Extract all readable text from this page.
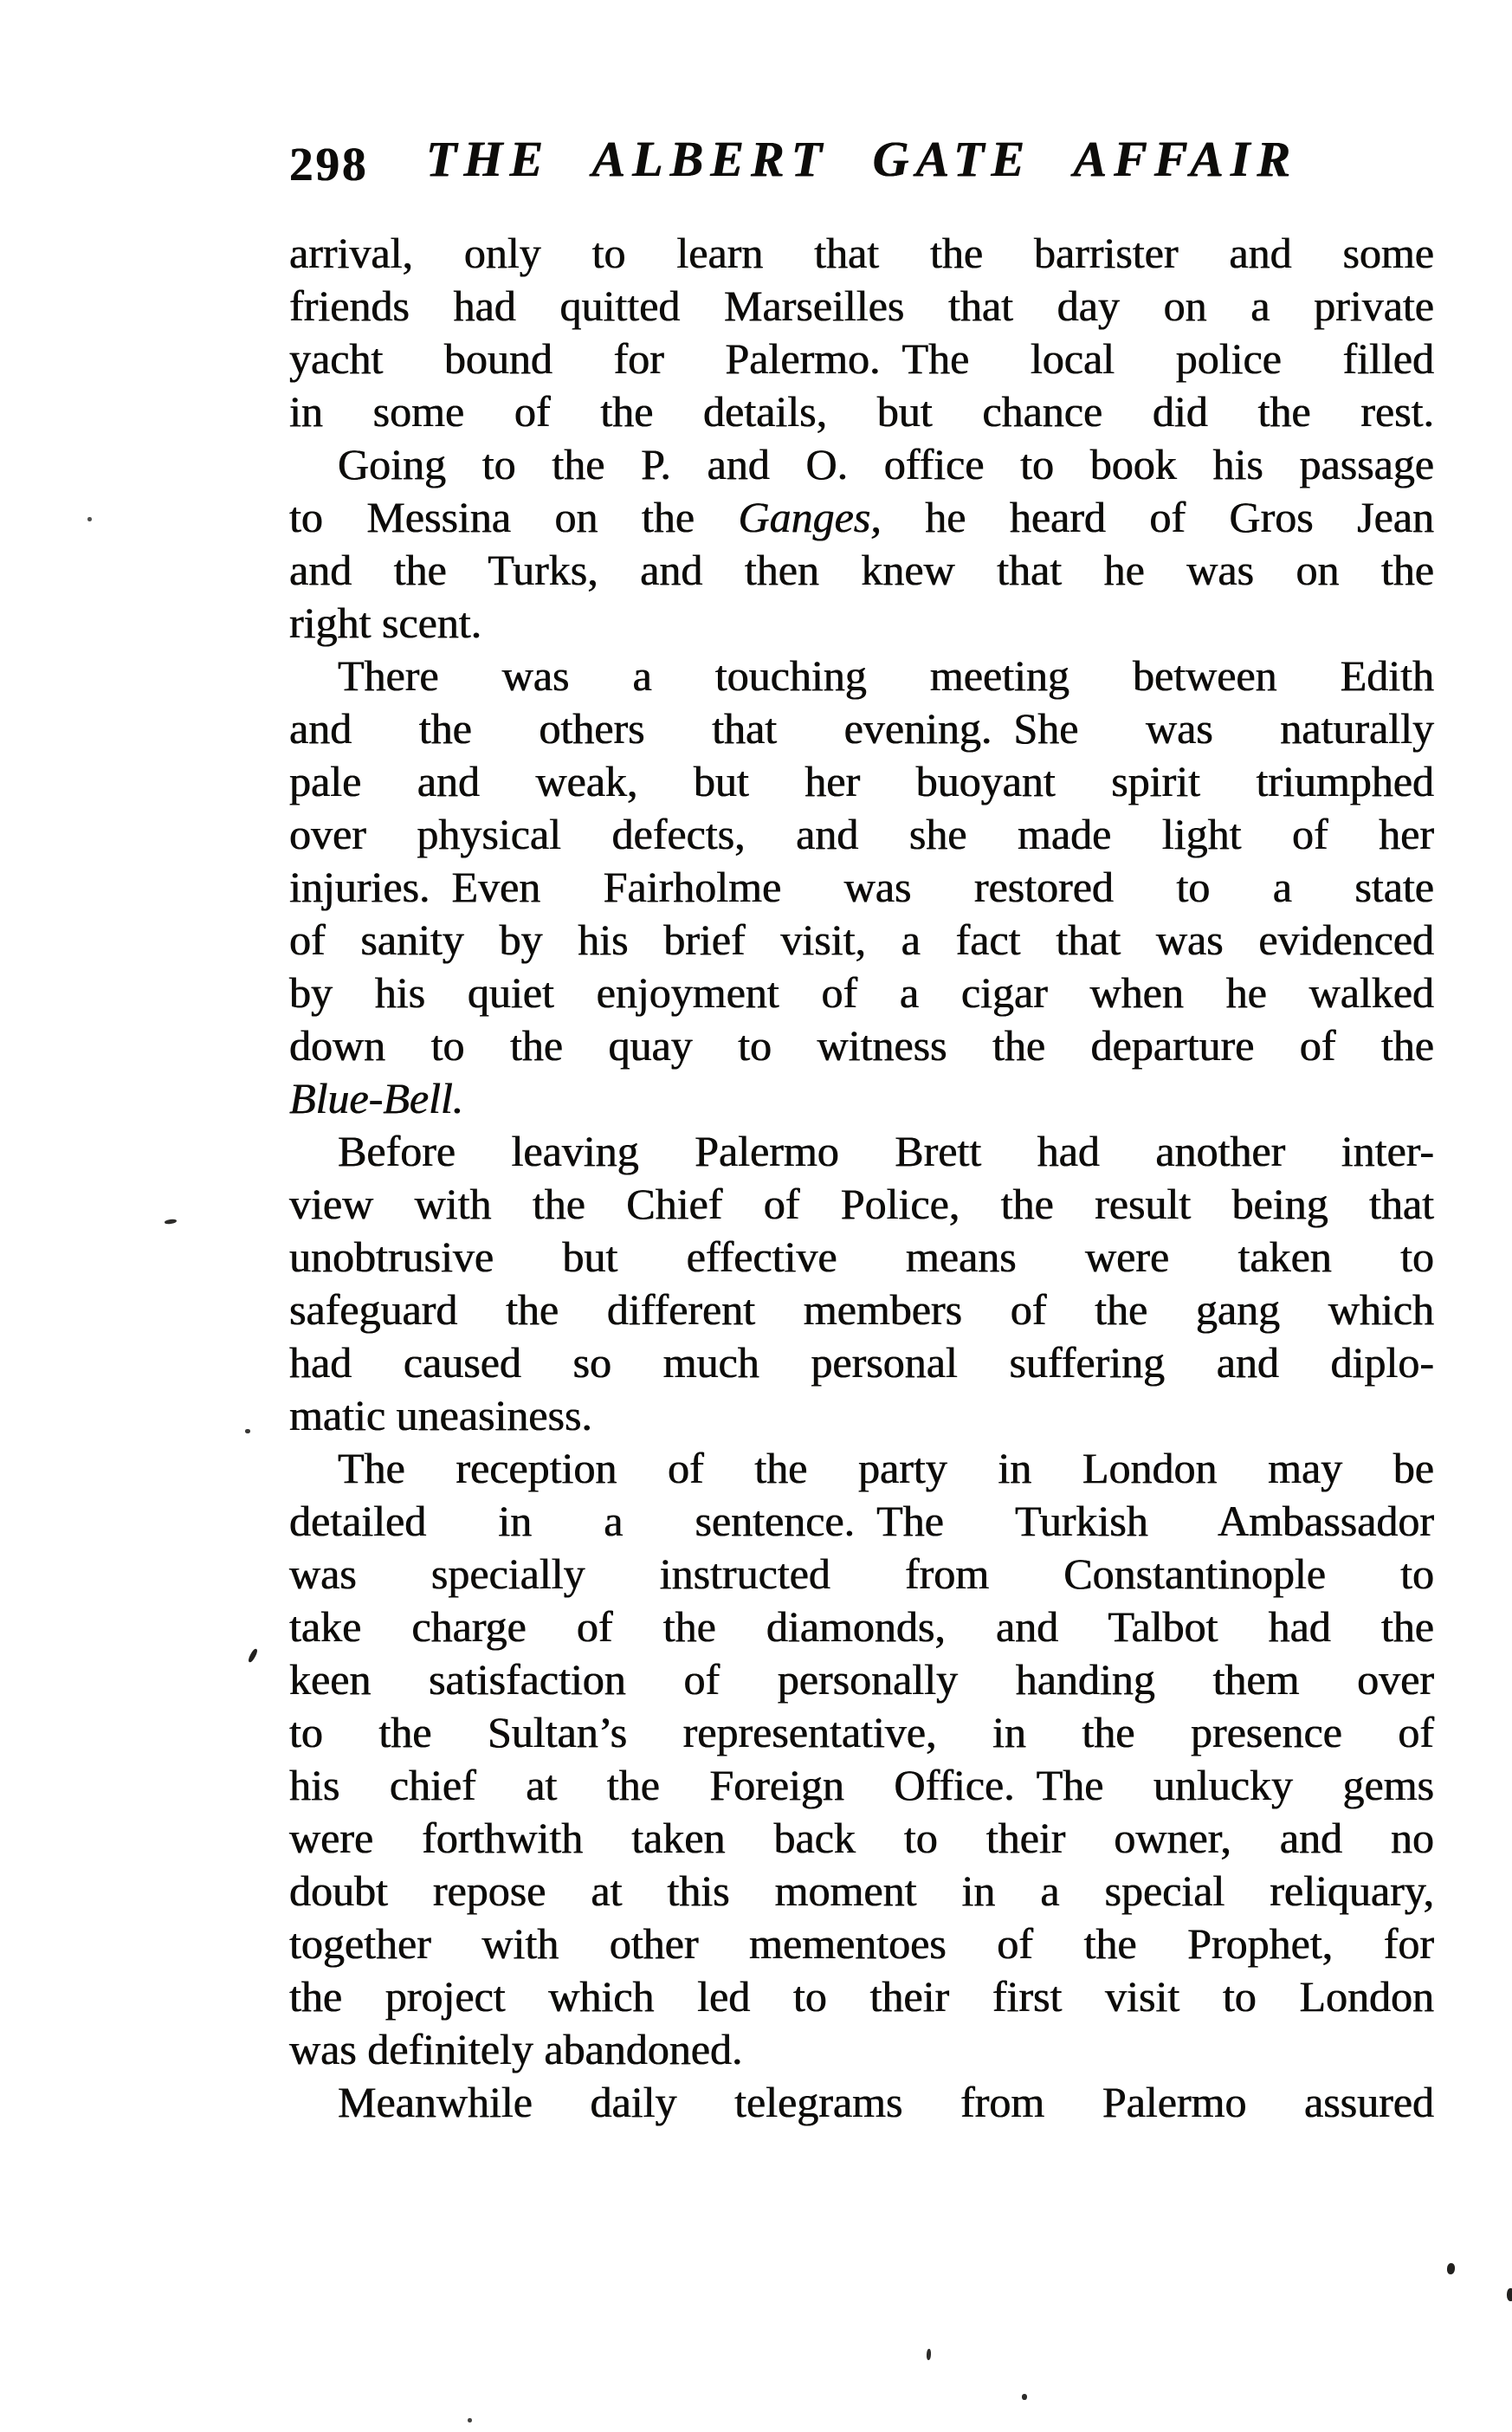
298	THE ALBERT GATE AFFAIR
arrival, only to learn that the barrister and some
friends had quitted Marseilles that day on a private
yacht bound for Palermo. The local police filled
in some of the details, but chance did the rest.
Going to the P. and O. office to book his passage
to Messina on the Ganges, he heard of Gros Jean
and the Turks, and then knew that he was on the
right scent.
There was a touching meeting between Edith
and the others that evening. She was naturally
pale and weak, but her buoyant spirit triumphed
over physical defects, and she made light of her
injuries. Even Fairholme was restored to a state
of sanity by his brief visit, a fact that was evidenced
by his quiet enjoyment of a cigar when he walked
down to the quay to witness the departure of the
Blue-Bell.
Before leaving Palermo Brett had another inter-
view with the Chief of Police, the result being that
unobtrusive but effective means were taken to
safeguard the different members of the gang which
had caused so much personal suffering and diplo-
matic uneasiness.
The reception of the party in London may be
detailed in a sentence. The Turkish Ambassador
was specially instructed from Constantinople to
take charge of the diamonds, and Talbot had the
keen satisfaction of personally handing them over
to the Sultan’s representative, in the presence of
his chief at the Foreign Office. The unlucky gems
were forthwith taken back to their owner, and no
doubt repose at this moment in a special reliquary,
together with other mementoes of the Prophet, for
the project which led to their first visit to London
was definitely abandoned.
Meanwhile daily telegrams from Palermo assured
